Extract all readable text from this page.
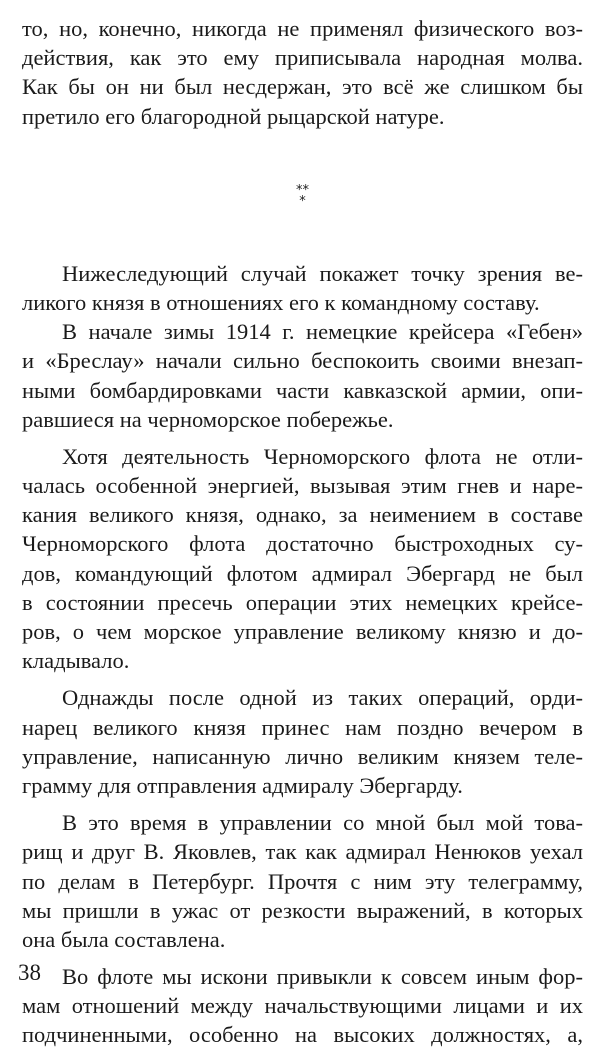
то, но, конечно, никогда не применял физического воз-
действия, как это ему приписывала народная молва.
Как бы он ни был несдержан, это всё же слишком бы
претило его благородной рыцарской натуре.
**
*
Нижеследующий случай покажет точку зрения ве-
ликого князя в отношениях его к командному составу.
В начале зимы 1914 г. немецкие крейсера «Гебен»
и «Бреслау» начали сильно беспокоить своими внезап-
ными бомбардировками части кавказской армии, опи-
равшиеся на черноморское побережье.
Хотя деятельность Черноморского флота не отли-
чалась особенной энергией, вызывая этим гнев и наре-
кания великого князя, однако, за неимением в составе
Черноморского флота достаточно быстроходных су-
дов, командующий флотом адмирал Эбергард не был
в состоянии пресечь операции этих немецких крейсе-
ров, о чем морское управление великому князю и до-
кладывало.
Однажды после одной из таких операций, орди-
нарец великого князя принес нам поздно вечером в
управление, написанную лично великим князем теле-
грамму для отправления адмиралу Эбергарду.
В это время в управлении со мной был мой това-
рищ и друг В. Яковлев, так как адмирал Ненюков уехал
по делам в Петербург. Прочтя с ним эту телеграмму,
мы пришли в ужас от резкости выражений, в которых
она была составлена.
Во флоте мы искони привыкли к совсем иным фор-
мам отношений между начальствующими лицами и их
подчиненными, особенно на высоких должностях, а,
38
